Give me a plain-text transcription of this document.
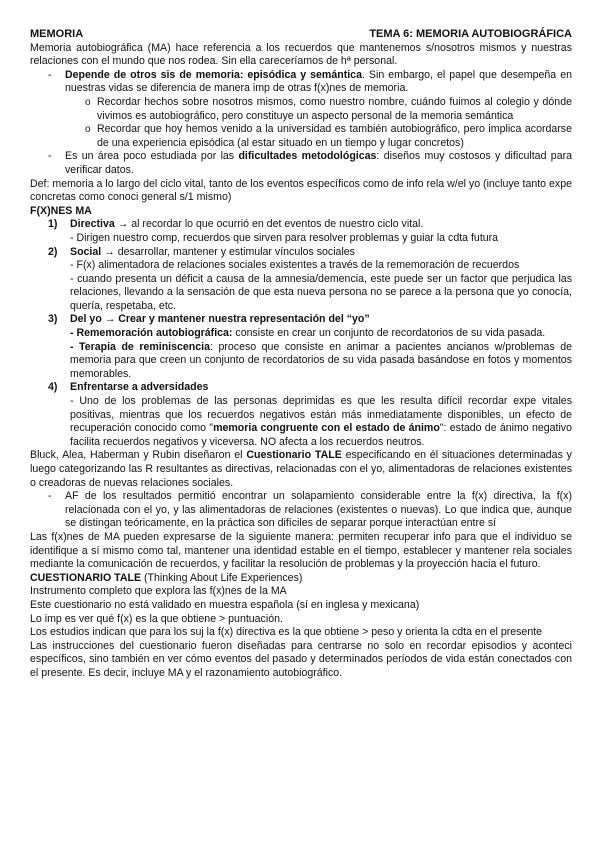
MEMORIA	TEMA 6: MEMORIA AUTOBIOGRÁFICA

Memoria autobiográfica (MA) hace referencia a los recuerdos que mantenemos s/nosotros mismos y nuestras relaciones con el mundo que nos rodea. Sin ella careceríamos de hª personal.

- Depende de otros sis de memoria: episódica y semántica. Sin embargo, el papel que desempeña en nuestras vidas se diferencia de manera imp de otras f(x)nes de memoria.
o Recordar hechos sobre nosotros mismos, como nuestro nombre, cuándo fuimos al colegio y dónde vivimos es autobiográfico, pero constituye un aspecto personal de la memoria semántica
o Recordar que hoy hemos venido a la universidad es también autobiográfico, pero implica acordarse de una experiencia episódica (al estar situado en un tiempo y lugar concretos)
- Es un área poco estudiada por las dificultades metodológicas: diseños muy costosos y dificultad para verificar datos.

Def: memoria a lo largo del ciclo vital, tanto de los eventos específicos como de info rela w/el yo (incluye tanto expe concretas como conoci general s/1 mismo)

F(X)NES MA
1) Directiva → al recordar lo que ocurrió en det eventos de nuestro ciclo vital.
- Dirigen nuestro comp, recuerdos que sirven para resolver problemas y guiar la cdta futura
2) Social → desarrollar, mantener y estimular vínculos sociales
- F(x) alimentadora de relaciones sociales existentes a través de la rememoración de recuerdos
- cuando presenta un déficit a causa de la amnesia/demencia, este puede ser un factor que perjudica las relaciones, llevando a la sensación de que esta nueva persona no se parece a la persona que yo conocía, quería, respetaba, etc.
3) Del yo → Crear y mantener nuestra representación del “yo”
- Rememoración autobiográfica: consiste en crear un conjunto de recordatorios de su vida pasada.
- Terapia de reminiscencia: proceso que consiste en animar a pacientes ancianos w/problemas de memoria para que creen un conjunto de recordatorios de su vida pasada basándose en fotos y momentos memorables.
4) Enfrentarse a adversidades
- Uno de los problemas de las personas deprimidas es que les resulta difícil recordar expe vitales positivas, mientras que los recuerdos negativos están más inmediatamente disponibles, un efecto de recuperación conocido como "memoria congruente con el estado de ánimo": estado de ánimo negativo facilita recuerdos negativos y viceversa. NO afecta a los recuerdos neutros.

Bluck, Alea, Haberman y Rubin diseñaron el Cuestionario TALE especificando en él situaciones determinadas y luego categorizando las R resultantes as directivas, relacionadas con el yo, alimentadoras de relaciones existentes o creadoras de nuevas relaciones sociales.

- AF de los resultados permitió encontrar un solapamiento considerable entre la f(x) directiva, la f(x) relacionada con el yo, y las alimentadoras de relaciones (existentes o nuevas). Lo que indica que, aunque se distingan teóricamente, en la práctica son difíciles de separar porque interactúan entre sí

Las f(x)nes de MA pueden expresarse de la siguiente manera: permiten recuperar info para que el individuo se identifique a sí mismo como tal, mantener una identidad estable en el tiempo, establecer y mantener rela sociales mediante la comunicación de recuerdos, y facilitar la resolución de problemas y la proyección hacia el futuro.

CUESTIONARIO TALE (Thinking About Life Experiences)

Instrumento completo que explora las f(x)nes de la MA

Este cuestionario no está validado en muestra española (sí en inglesa y mexicana)

Lo imp es ver qué f(x) es la que obtiene > puntuación.

Los estudios indican que para los suj la f(x) directiva es la que obtiene > peso y orienta la cdta en el presente

Las instrucciones del cuestionario fueron diseñadas para centrarse no solo en recordar episodios y aconteci específicos, sino también en ver cómo eventos del pasado y determinados períodos de vida están conectados con el presente. Es decir, incluye MA y el razonamiento autobiográfico.
